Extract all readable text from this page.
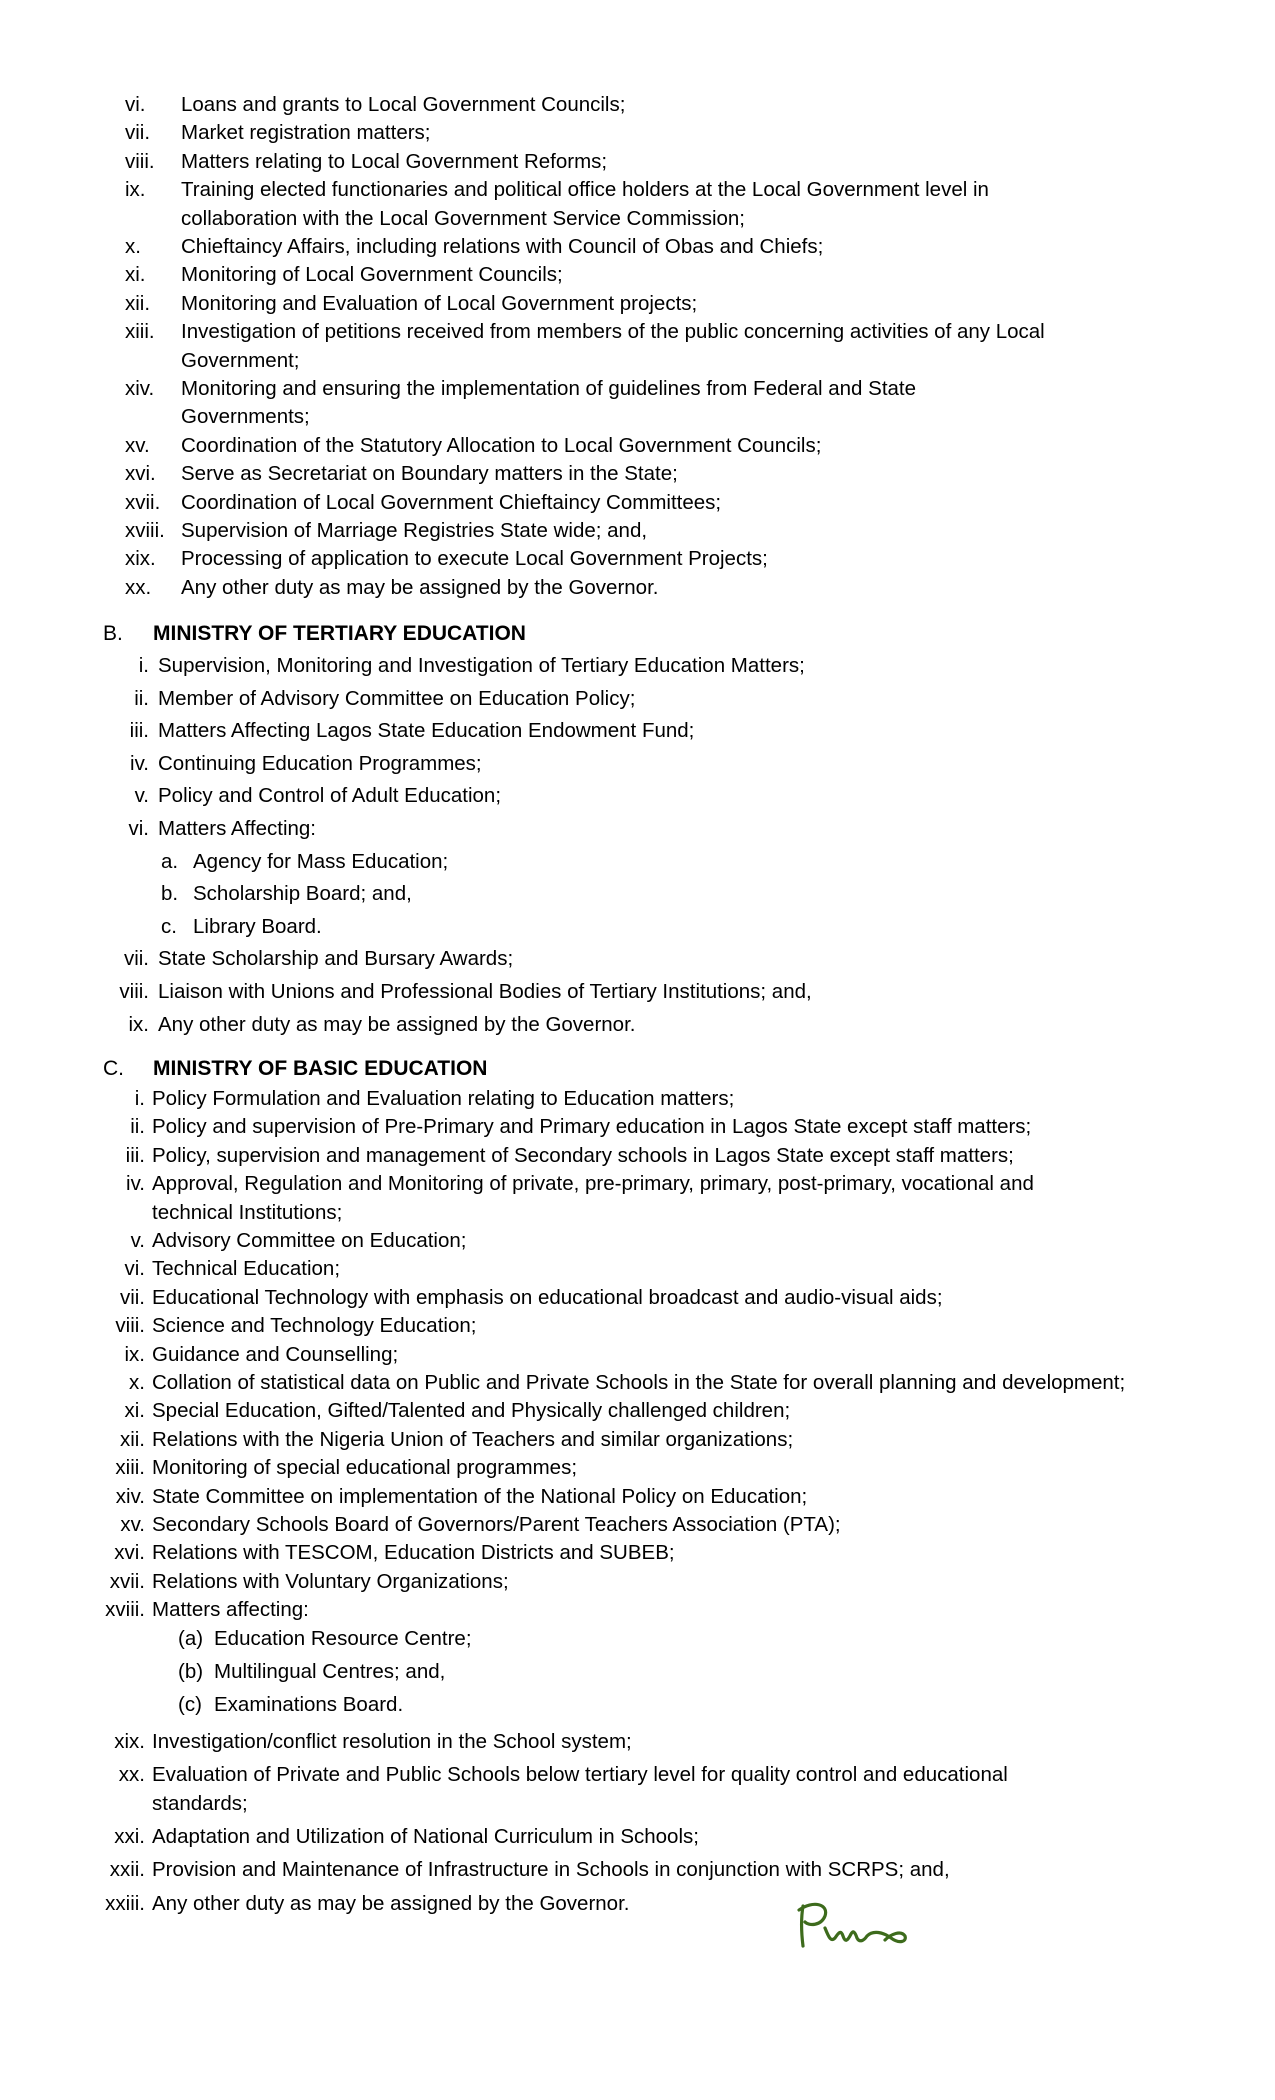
vi. Loans and grants to Local Government Councils;
vii. Market registration matters;
viii. Matters relating to Local Government Reforms;
ix. Training elected functionaries and political office holders at the Local Government level in
collaboration with the Local Government Service Commission;
x. Chieftaincy Affairs, including relations with Council of Obas and Chiefs;
xi. Monitoring of Local Government Councils;
xii. Monitoring and Evaluation of Local Government projects;
xiii. Investigation of petitions received from members of the public concerning activities of any Local
Government;
xiv. Monitoring and ensuring the implementation of guidelines from Federal and State
Governments;
xv. Coordination of the Statutory Allocation to Local Government Councils;
xvi. Serve as Secretariat on Boundary matters in the State;
xvii. Coordination of Local Government Chieftaincy Committees;
xviii. Supervision of Marriage Registries State wide; and,
xix. Processing of application to execute Local Government Projects;
xx. Any other duty as may be assigned by the Governor.
B. MINISTRY OF TERTIARY EDUCATION
i. Supervision, Monitoring and Investigation of Tertiary Education Matters;
ii. Member of Advisory Committee on Education Policy;
iii. Matters Affecting Lagos State Education Endowment Fund;
iv. Continuing Education Programmes;
v. Policy and Control of Adult Education;
vi. Matters Affecting:
a. Agency for Mass Education;
b. Scholarship Board; and,
c. Library Board.
vii. State Scholarship and Bursary Awards;
viii. Liaison with Unions and Professional Bodies of Tertiary Institutions; and,
ix. Any other duty as may be assigned by the Governor.
C. MINISTRY OF BASIC EDUCATION
i. Policy Formulation and Evaluation relating to Education matters;
ii. Policy and supervision of Pre-Primary and Primary education in Lagos State except staff matters;
iii. Policy, supervision and management of Secondary schools in Lagos State except staff matters;
iv. Approval, Regulation and Monitoring of private, pre-primary, primary, post-primary, vocational and
technical Institutions;
v. Advisory Committee on Education;
vi. Technical Education;
vii. Educational Technology with emphasis on educational broadcast and audio-visual aids;
viii. Science and Technology Education;
ix. Guidance and Counselling;
x. Collation of statistical data on Public and Private Schools in the State for overall planning and development;
xi. Special Education, Gifted/Talented and Physically challenged children;
xii. Relations with the Nigeria Union of Teachers and similar organizations;
xiii. Monitoring of special educational programmes;
xiv. State Committee on implementation of the National Policy on Education;
xv. Secondary Schools Board of Governors/Parent Teachers Association (PTA);
xvi. Relations with TESCOM, Education Districts and SUBEB;
xvii. Relations with Voluntary Organizations;
xviii. Matters affecting:
(a) Education Resource Centre;
(b) Multilingual Centres; and,
(c) Examinations Board.
xix. Investigation/conflict resolution in the School system;
xx. Evaluation of Private and Public Schools below tertiary level for quality control and educational
standards;
xxi. Adaptation and Utilization of National Curriculum in Schools;
xxii. Provision and Maintenance of Infrastructure in Schools in conjunction with SCRPS; and,
xxiii. Any other duty as may be assigned by the Governor.
